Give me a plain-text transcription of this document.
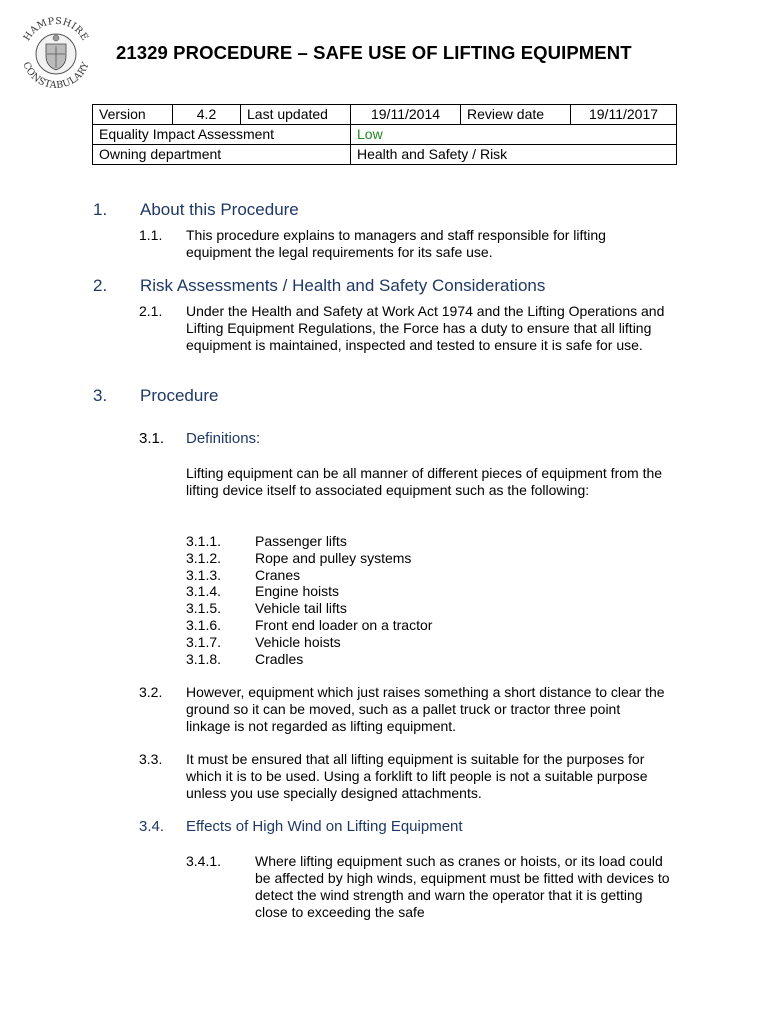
HAMPSHIRE
CONSTABULARY
21329 PROCEDURE – SAFE USE OF LIFTING EQUIPMENT
Version	4.2	Last updated	19/11/2014	Review date	19/11/2017
Equality Impact Assessment			Low		
Owning department			Health and Safety / Risk		
1. About this Procedure
1.1. This procedure explains to managers and staff responsible for lifting equipment the legal requirements for its safe use.
2. Risk Assessments / Health and Safety Considerations
2.1. Under the Health and Safety at Work Act 1974 and the Lifting Operations and Lifting Equipment Regulations, the Force has a duty to ensure that all lifting equipment is maintained, inspected and tested to ensure it is safe for use.
3. Procedure
3.1. Definitions:
Lifting equipment can be all manner of different pieces of equipment from the lifting device itself to associated equipment such as the following:
3.1.1. Passenger lifts
3.1.2. Rope and pulley systems
3.1.3. Cranes
3.1.4. Engine hoists
3.1.5. Vehicle tail lifts
3.1.6. Front end loader on a tractor
3.1.7. Vehicle hoists
3.1.8. Cradles
3.2. However, equipment which just raises something a short distance to clear the ground so it can be moved, such as a pallet truck or tractor three point linkage is not regarded as lifting equipment.
3.3. It must be ensured that all lifting equipment is suitable for the purposes for which it is to be used. Using a forklift to lift people is not a suitable purpose unless you use specially designed attachments.
3.4. Effects of High Wind on Lifting Equipment
3.4.1. Where lifting equipment such as cranes or hoists, or its load could be affected by high winds, equipment must be fitted with devices to detect the wind strength and warn the operator that it is getting close to exceeding the safe
